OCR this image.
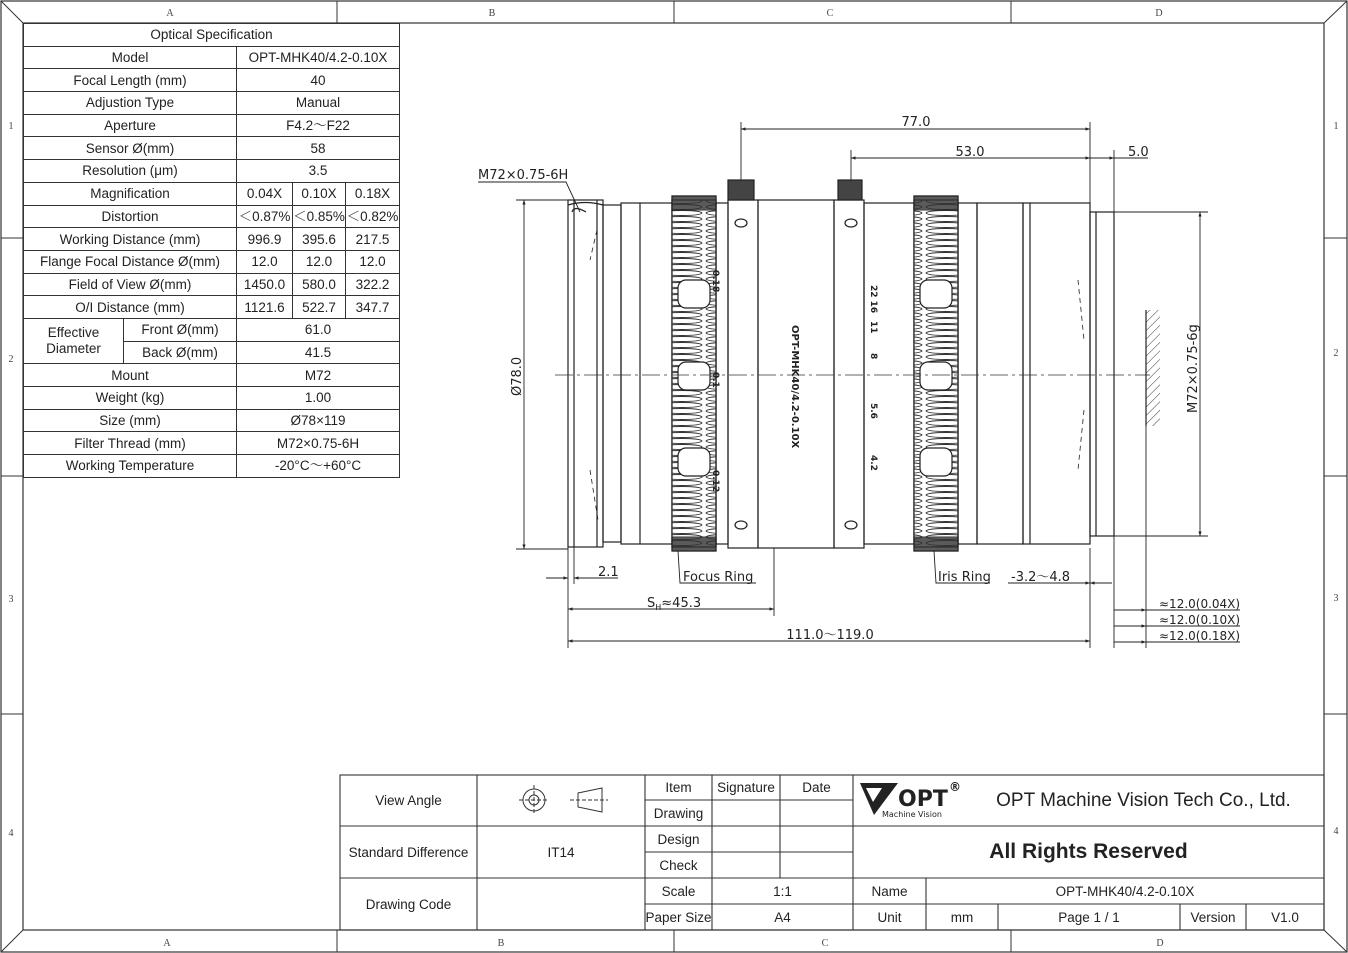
A	B	C	D
A	B	C	D
1
2
3
4
1
2
3
4
OPT-MHK40/4.2-0.10X
0.18
0.1
0.12
22 16
11
8
5.6
4.2
77.0
53.0	5.0
M72×0.75-6H
Ø78.0	M72×0.75-6g
2.1	Focus Ring	Iris Ring -3.2～4.8
$S_H\approx 45.3$
111.0～119.0
≈12.0(0.04X)
≈12.0(0.10X)
≈12.0(0.18X)
OPT ®
Machine Vision
Optical Specification				
Model		OPT-MHK40/4.2-0.10X		
Focal Length (mm)		40		
Adjustion Type		Manual		
Aperture		F4.2～F22		
Sensor Ø(mm)		58		
Resolution (μm)		3.5		
Magnification		0.04X	0.10X	0.18X
Distortion		＜0.87%	＜0.85%	＜0.82%
Working Distance (mm)		996.9	395.6	217.5
Flange Focal Distance Ø(mm)		12.0	12.0	12.0
Field of View Ø(mm)		1450.0	580.0	322.2
O/I Distance (mm)		1121.6	522.7	347.7
Effective Diameter	Front Ø(mm)	61.0		
	Back Ø(mm)	41.5		
Mount		M72		
Weight (kg)		1.00		
Size (mm)		Ø78×119		
Filter Thread (mm)		M72×0.75-6H		
Working Temperature		-20°C～+60°C		
View Angle
Standard Difference	IT14
Drawing Code
Item	Signature	Date
Drawing
Design
Check
Scale	1:1
Paper Size	A4
OPT Machine Vision Tech Co., Ltd.
All Rights Reserved
Name	OPT-MHK40/4.2-0.10X
Unit	mm	Page 1 / 1	Version	V1.0
